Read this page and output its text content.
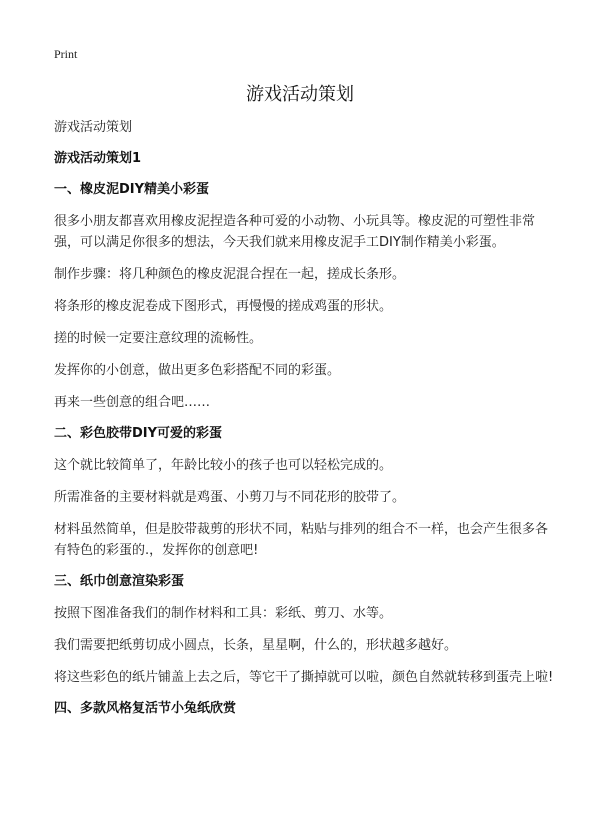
Print
游戏活动策划

游戏活动策划

游戏活动策划1

一、橡皮泥DIY精美小彩蛋

很多小朋友都喜欢用橡皮泥捏造各种可爱的小动物、小玩具等。橡皮泥的可塑性非常强，可以满足你很多的想法，今天我们就来用橡皮泥手工DIY制作精美小彩蛋。

制作步骤：将几种颜色的橡皮泥混合捏在一起，搓成长条形。

将条形的橡皮泥卷成下图形式，再慢慢的搓成鸡蛋的形状。

搓的时候一定要注意纹理的流畅性。

发挥你的小创意，做出更多色彩搭配不同的彩蛋。

再来一些创意的组合吧……

二、彩色胶带DIY可爱的彩蛋

这个就比较简单了，年龄比较小的孩子也可以轻松完成的。

所需准备的主要材料就是鸡蛋、小剪刀与不同花形的胶带了。

材料虽然简单，但是胶带裁剪的形状不同，粘贴与排列的组合不一样，也会产生很多各有特色的彩蛋的.，发挥你的创意吧!

三、纸巾创意渲染彩蛋

按照下图准备我们的制作材料和工具：彩纸、剪刀、水等。

我们需要把纸剪切成小圆点，长条，星星啊，什么的，形状越多越好。

将这些彩色的纸片铺盖上去之后，等它干了撕掉就可以啦，颜色自然就转移到蛋壳上啦!

四、多款风格复活节小兔纸欣赏
